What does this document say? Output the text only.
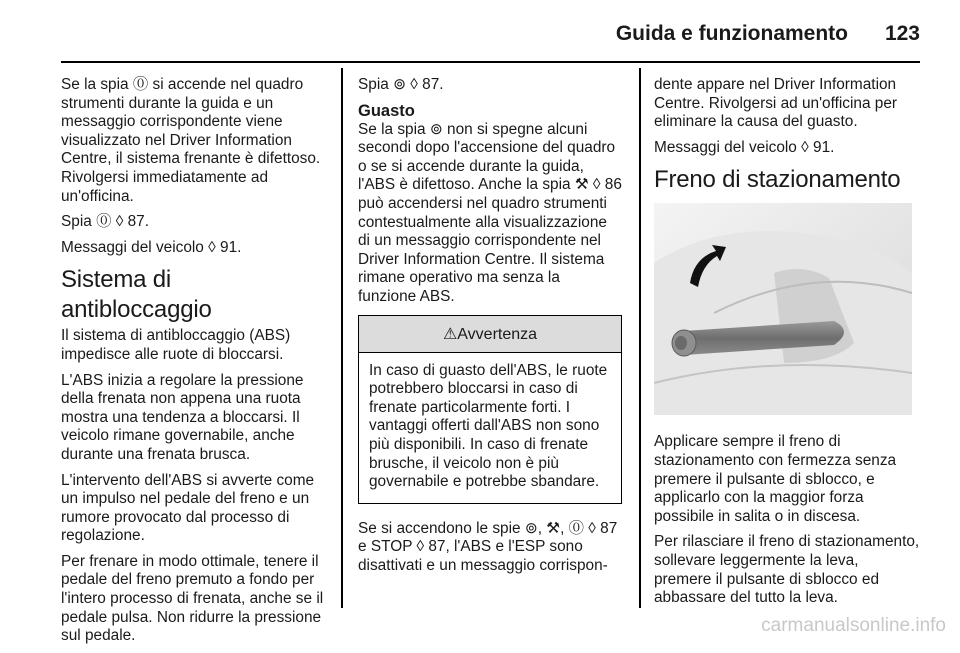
Guida e funzionamento 123

Se la spia ⓪ si accende nel quadro strumenti durante la guida e un messaggio corrispondente viene visualizzato nel Driver Information Centre, il sistema frenante è difettoso. Rivolgersi immediatamente ad un'officina.

Spia ⓪ ◊ 87.

Messaggi del veicolo ◊ 91.

Sistema di antibloccaggio

Il sistema di antibloccaggio (ABS) impedisce alle ruote di bloccarsi.

L'ABS inizia a regolare la pressione della frenata non appena una ruota mostra una tendenza a bloccarsi. Il veicolo rimane governabile, anche durante una frenata brusca.

L'intervento dell'ABS si avverte come un impulso nel pedale del freno e un rumore provocato dal processo di regolazione.

Per frenare in modo ottimale, tenere il pedale del freno premuto a fondo per l'intero processo di frenata, anche se il pedale pulsa. Non ridurre la pressione sul pedale.

Spia ⊚ ◊ 87.

Guasto

Se la spia ⊚ non si spegne alcuni secondi dopo l'accensione del quadro o se si accende durante la guida, l'ABS è difettoso. Anche la spia ⚒ ◊ 86 può accendersi nel quadro strumenti contestualmente alla visualizzazione di un messaggio corrispondente nel Driver Information Centre. Il sistema rimane operativo ma senza la funzione ABS.

⚠Avvertenza
In caso di guasto dell'ABS, le ruote potrebbero bloccarsi in caso di frenate particolarmente forti. I vantaggi offerti dall'ABS non sono più disponibili. In caso di frenate brusche, il veicolo non è più governabile e potrebbe sbandare.

Se si accendono le spie ⊚, ⚒, ⓪ ◊ 87 e STOP ◊ 87, l'ABS e l'ESP sono disattivati e un messaggio corrispon-

dente appare nel Driver Information Centre. Rivolgersi ad un'officina per eliminare la causa del guasto.

Messaggi del veicolo ◊ 91.

Freno di stazionamento

Applicare sempre il freno di stazionamento con fermezza senza premere il pulsante di sblocco, e applicarlo con la maggior forza possibile in salita o in discesa.

Per rilasciare il freno di stazionamento, sollevare leggermente la leva, premere il pulsante di sblocco ed abbassare del tutto la leva.

carmanualsonline.info
